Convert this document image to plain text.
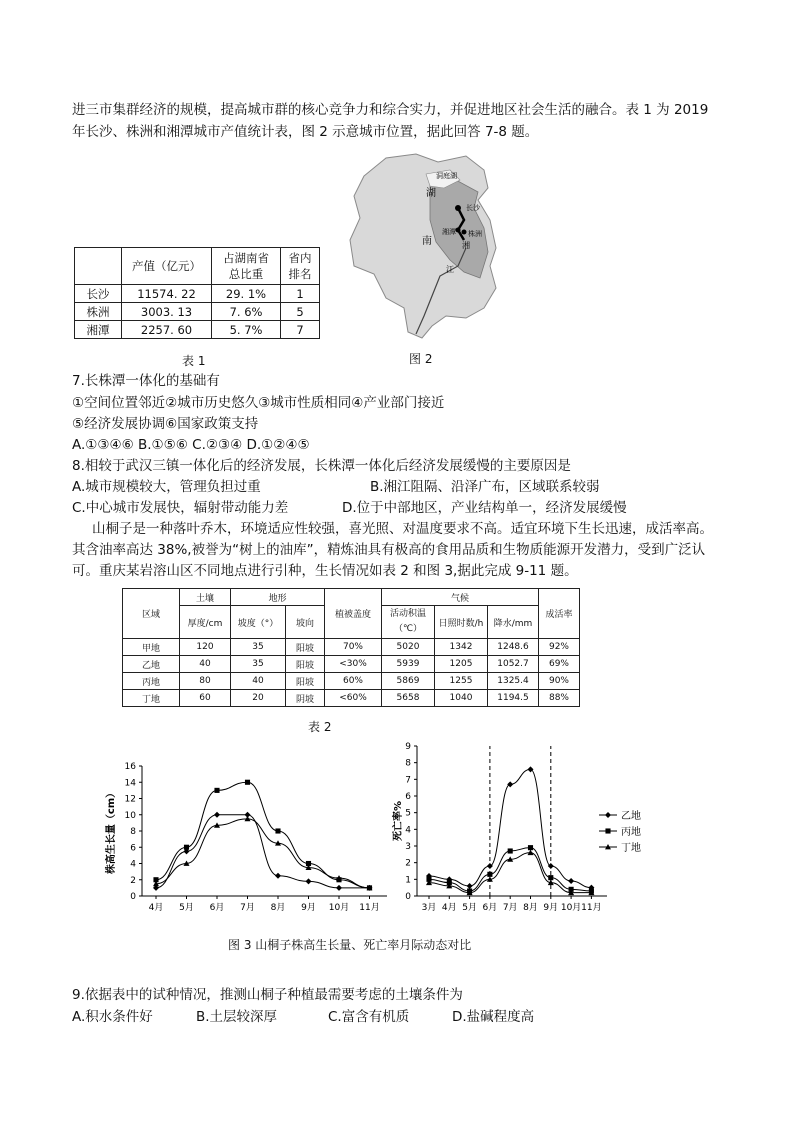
进三市集群经济的规模，提高城市群的核心竞争力和综合实力，并促进地区社会生活的融合。表 1 为 2019
年长沙、株洲和湘潭城市产值统计表，图 2 示意城市位置，据此回答 7-8 题。
	产值（亿元）	占湖南省
总比重	省内
排名
长沙	11574. 22	29. 1%	1
株洲	3003. 13	7. 6%	5
湘潭	2257. 60	5. 7%	7
表 1
湖
洞庭湖
长沙
湘潭 株洲
南	湘
江
图 2
7.长株潭一体化的基础有
①空间位置邻近②城市历史悠久③城市性质相同④产业部门接近
⑤经济发展协调⑥国家政策支持
A.①③④⑥ B.①⑤⑥ C.②③④ D.①②④⑤
8.相较于武汉三镇一体化后的经济发展，长株潭一体化后经济发展缓慢的主要原因是
A.城市规模较大，管理负担过重	B.湘江阻隔、沿泽广布，区域联系较弱
C.中心城市发展快，辐射带动能力差	D.位于中部地区，产业结构单一，经济发展缓慢
山桐子是一种落叶乔木，环境适应性较强，喜光照、对温度要求不高。适宜环境下生长迅速，成活率高。
其含油率高达 38%,被誉为“树上的油库”，精炼油具有极高的食用品质和生物质能源开发潜力，受到广泛认
可。重庆某岩溶山区不同地点进行引种，生长情况如表 2 和图 3,据此完成 9-11 题。
区域	土壤	地形		植被盖度	气候			成活率
	厚度/cm	坡度（°）	坡向		活动积温
（℃）	日照时数/h	降水/mm	
甲地	120	35	阳坡	70%	5020	1342	1248.6	92%
乙地	40	35	阳坡	<30%	5939	1205	1052.7	69%
丙地	80	40	阳坡	60%	5869	1255	1325.4	90%
丁地	60	20	阴坡	<60%	5658	1040	1194.5	88%
表 2
0
2
4
6
8
10
12
14
16
4月 5月 6月 7月 8月 9月 10月 11月
株高生长量（cm）
0
1
2
3
4
5
6
7
8
9
3月 4月 5月 6月 7月 8月 9月 10月 11月
死亡率%	乙地
丙地
丁地
图 3 山桐子株高生长量、死亡率月际动态对比
9.依据表中的试种情况，推测山桐子种植最需要考虑的土壤条件为
A.积水条件好	B.土层较深厚	C.富含有机质	D.盐碱程度高
